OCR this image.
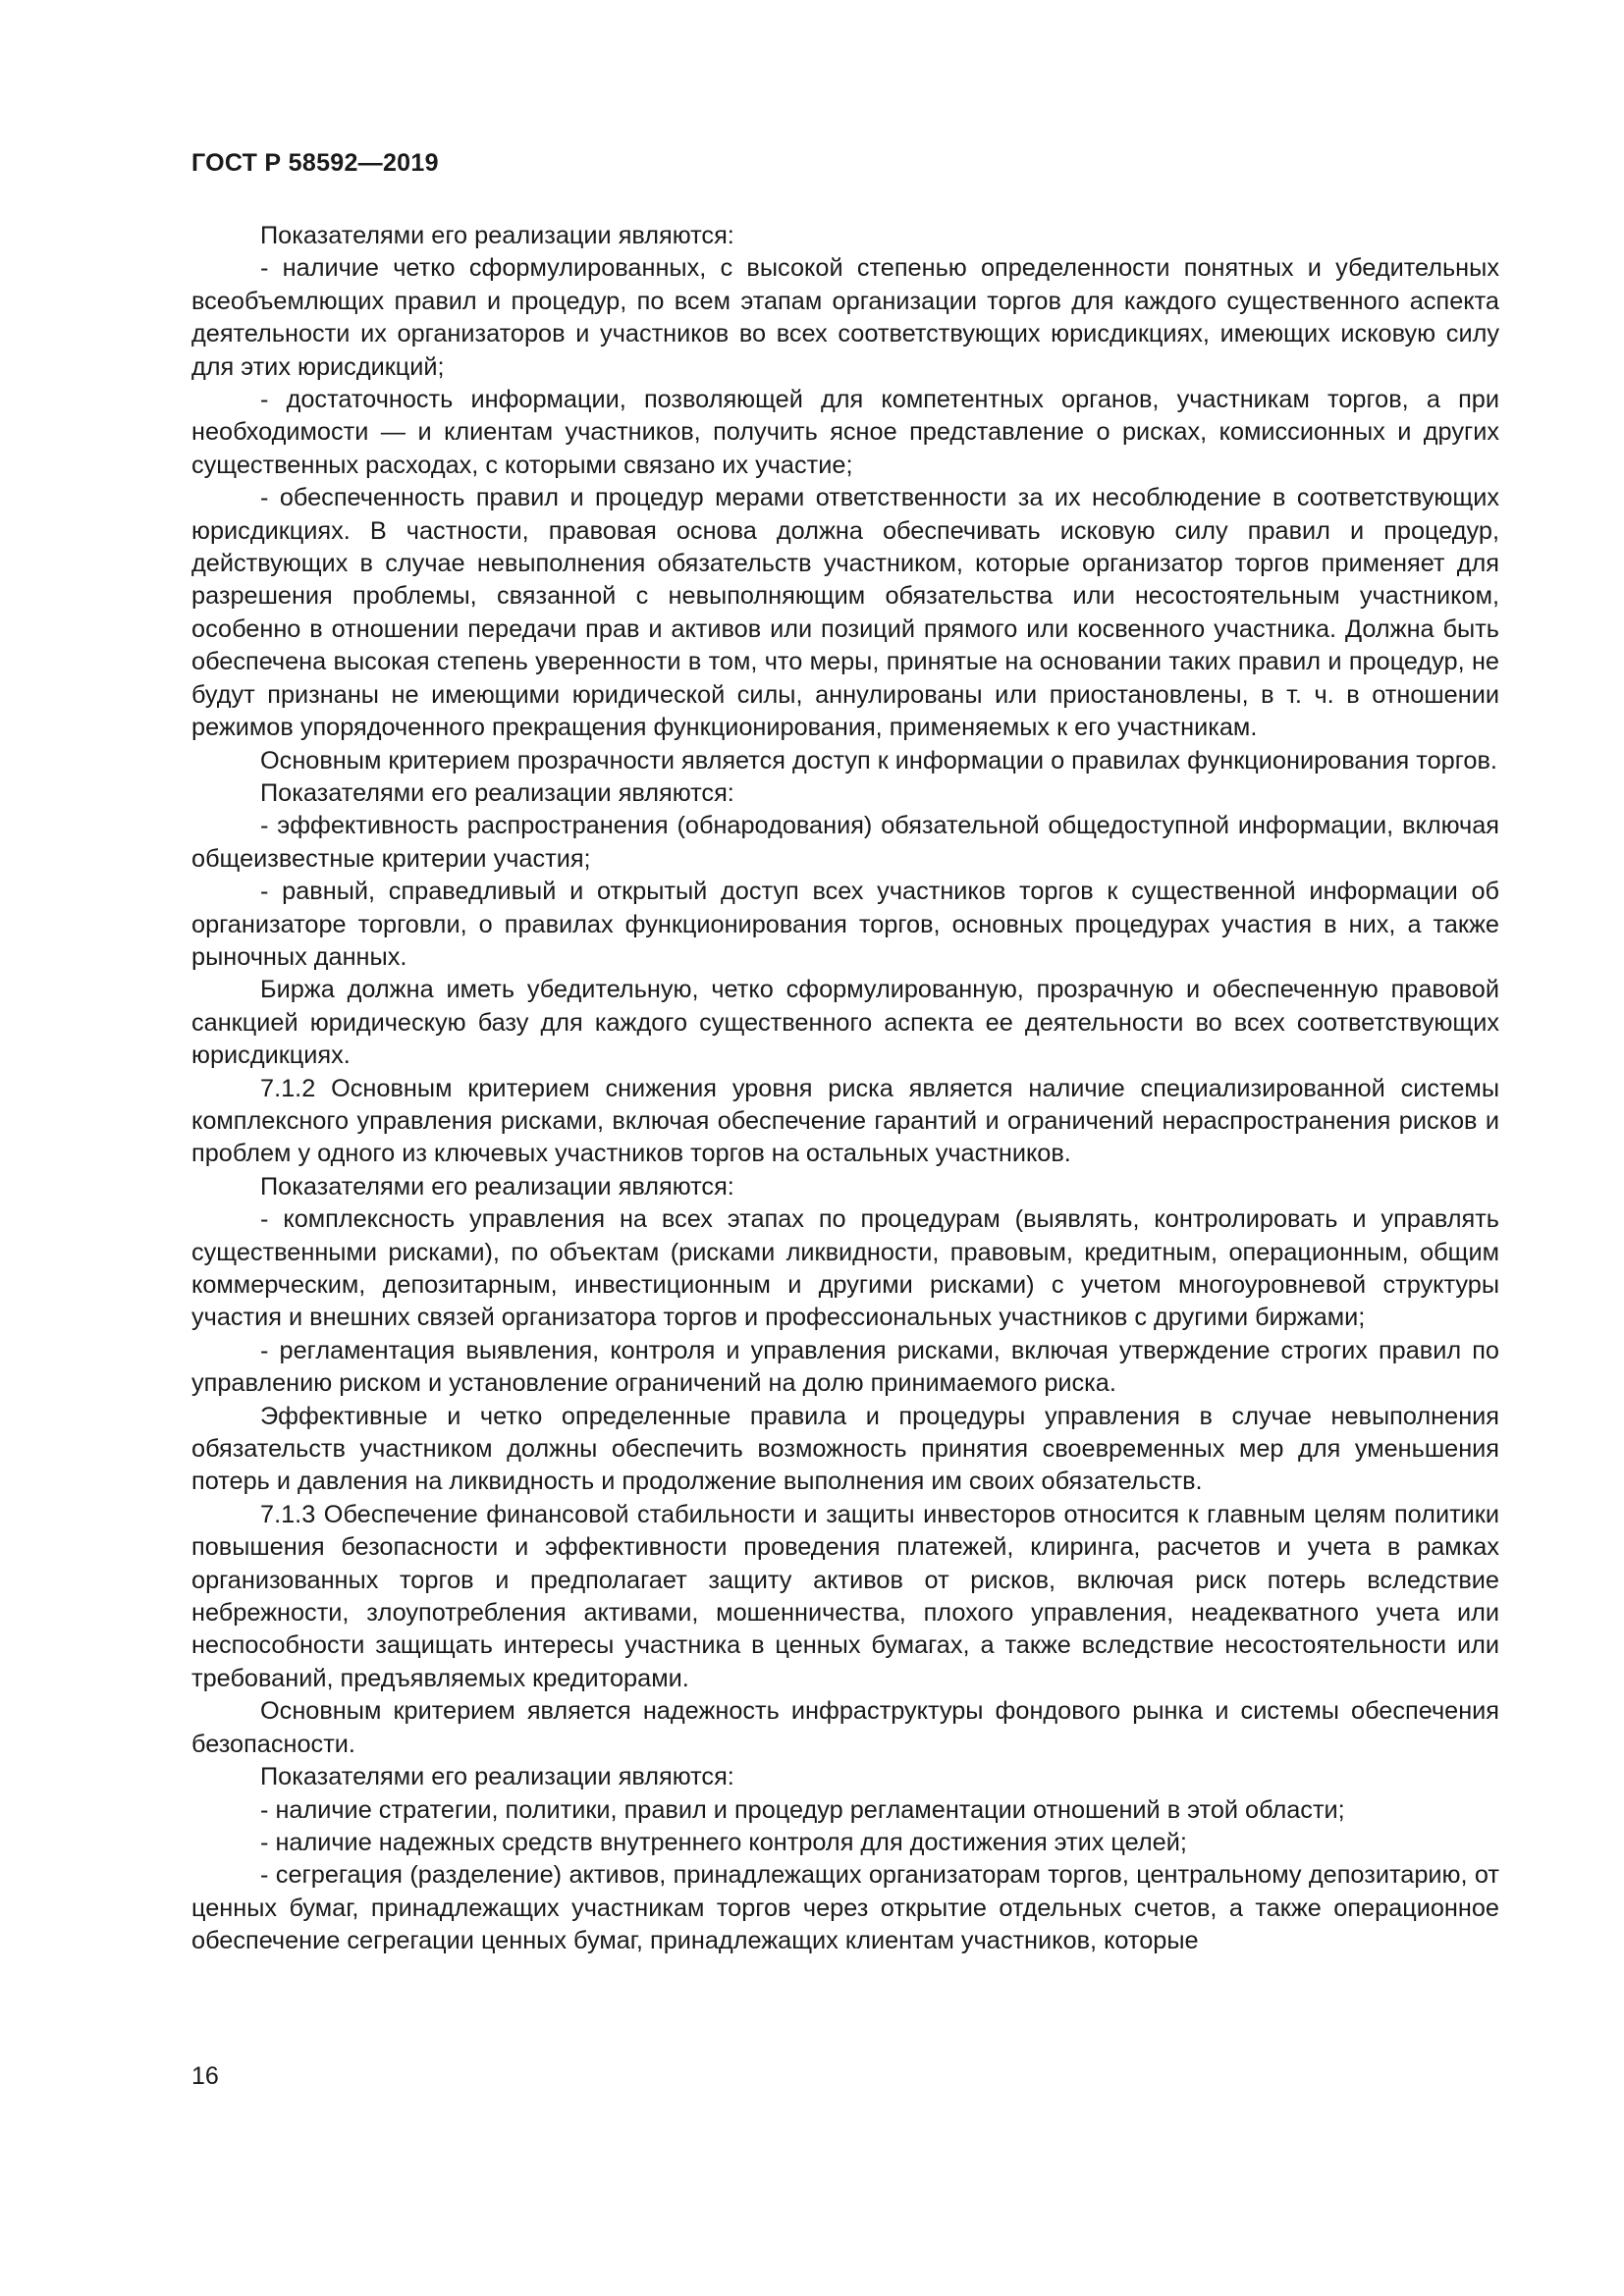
ГОСТ Р 58592—2019

Показателями его реализации являются:

- наличие четко сформулированных, с высокой степенью определенности понятных и убедительных всеобъемлющих правил и процедур, по всем этапам организации торгов для каждого существенного аспекта деятельности их организаторов и участников во всех соответствующих юрисдикциях, имеющих исковую силу для этих юрисдикций;

- достаточность информации, позволяющей для компетентных органов, участникам торгов, а при необходимости — и клиентам участников, получить ясное представление о рисках, комиссионных и других существенных расходах, с которыми связано их участие;

- обеспеченность правил и процедур мерами ответственности за их несоблюдение в соответствующих юрисдикциях. В частности, правовая основа должна обеспечивать исковую силу правил и процедур, действующих в случае невыполнения обязательств участником, которые организатор торгов применяет для разрешения проблемы, связанной с невыполняющим обязательства или несостоятельным участником, особенно в отношении передачи прав и активов или позиций прямого или косвенного участника. Должна быть обеспечена высокая степень уверенности в том, что меры, принятые на основании таких правил и процедур, не будут признаны не имеющими юридической силы, аннулированы или приостановлены, в т. ч. в отношении режимов упорядоченного прекращения функционирования, применяемых к его участникам.

Основным критерием прозрачности является доступ к информации о правилах функционирования торгов.

Показателями его реализации являются:

- эффективность распространения (обнародования) обязательной общедоступной информации, включая общеизвестные критерии участия;

- равный, справедливый и открытый доступ всех участников торгов к существенной информации об организаторе торговли, о правилах функционирования торгов, основных процедурах участия в них, а также рыночных данных.

Биржа должна иметь убедительную, четко сформулированную, прозрачную и обеспеченную правовой санкцией юридическую базу для каждого существенного аспекта ее деятельности во всех соответствующих юрисдикциях.

7.1.2 Основным критерием снижения уровня риска является наличие специализированной системы комплексного управления рисками, включая обеспечение гарантий и ограничений нераспространения рисков и проблем у одного из ключевых участников торгов на остальных участников.

Показателями его реализации являются:

- комплексность управления на всех этапах по процедурам (выявлять, контролировать и управлять существенными рисками), по объектам (рисками ликвидности, правовым, кредитным, операционным, общим коммерческим, депозитарным, инвестиционным и другими рисками) с учетом многоуровневой структуры участия и внешних связей организатора торгов и профессиональных участников с другими биржами;

- регламентация выявления, контроля и управления рисками, включая утверждение строгих правил по управлению риском и установление ограничений на долю принимаемого риска.

Эффективные и четко определенные правила и процедуры управления в случае невыполнения обязательств участником должны обеспечить возможность принятия своевременных мер для уменьшения потерь и давления на ликвидность и продолжение выполнения им своих обязательств.

7.1.3 Обеспечение финансовой стабильности и защиты инвесторов относится к главным целям политики повышения безопасности и эффективности проведения платежей, клиринга, расчетов и учета в рамках организованных торгов и предполагает защиту активов от рисков, включая риск потерь вследствие небрежности, злоупотребления активами, мошенничества, плохого управления, неадекватного учета или неспособности защищать интересы участника в ценных бумагах, а также вследствие несостоятельности или требований, предъявляемых кредиторами.

Основным критерием является надежность инфраструктуры фондового рынка и системы обеспечения безопасности.

Показателями его реализации являются:

- наличие стратегии, политики, правил и процедур регламентации отношений в этой области;

- наличие надежных средств внутреннего контроля для достижения этих целей;

- сегрегация (разделение) активов, принадлежащих организаторам торгов, центральному депозитарию, от ценных бумаг, принадлежащих участникам торгов через открытие отдельных счетов, а также операционное обеспечение сегрегации ценных бумаг, принадлежащих клиентам участников, которые

16
